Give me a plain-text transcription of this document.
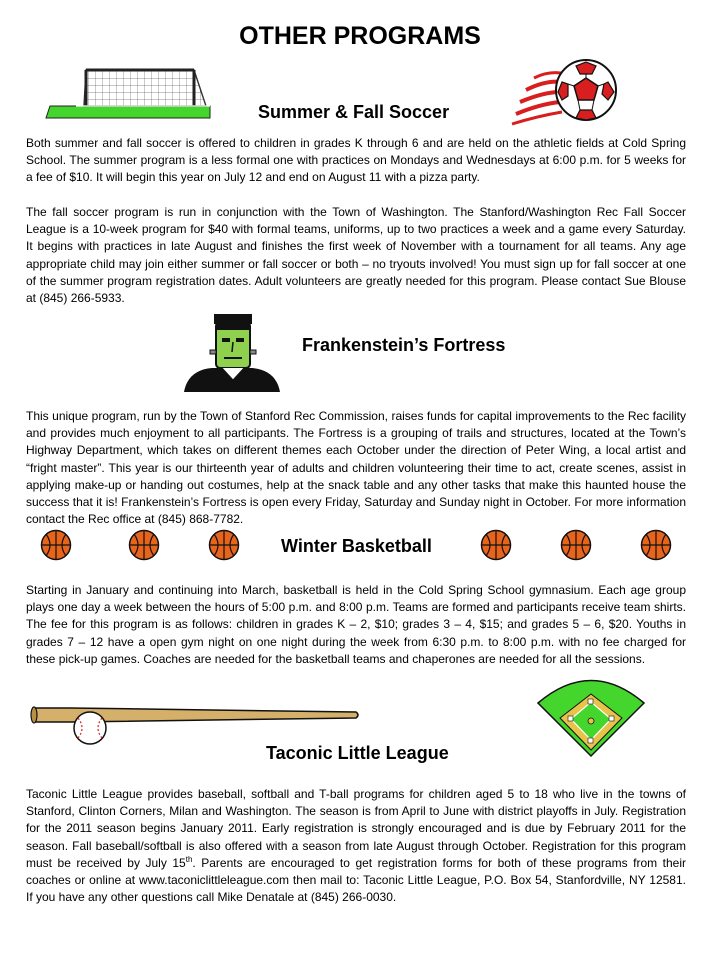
OTHER PROGRAMS
Summer & Fall Soccer

Both summer and fall soccer is offered to children in grades K through 6 and are held on the athletic fields at Cold Spring School. The summer program is a less formal one with practices on Mondays and Wednesdays at 6:00 p.m. for 5 weeks for a fee of $10. It will begin this year on July 12 and end on August 11 with a pizza party.

The fall soccer program is run in conjunction with the Town of Washington. The Stanford/Washington Rec Fall Soccer League is a 10-week program for $40 with formal teams, uniforms, up to two practices a week and a game every Saturday. It begins with practices in late August and finishes the first week of November with a tournament for all teams. Any age appropriate child may join either summer or fall soccer or both – no tryouts involved! You must sign up for fall soccer at one of the summer program registration dates. Adult volunteers are greatly needed for this program. Please contact Sue Blouse at (845) 266-5933.

Frankenstein’s Fortress

This unique program, run by the Town of Stanford Rec Commission, raises funds for capital improvements to the Rec facility and provides much enjoyment to all participants. The Fortress is a grouping of trails and structures, located at the Town’s Highway Department, which takes on different themes each October under the direction of Peter Wing, a local artist and “fright master”. This year is our thirteenth year of adults and children volunteering their time to act, create scenes, assist in applying make-up or handing out costumes, help at the snack table and any other tasks that make this haunted house the success that it is! Frankenstein’s Fortress is open every Friday, Saturday and Sunday night in October. For more information contact the Rec office at (845) 868-7782.

Winter Basketball

Starting in January and continuing into March, basketball is held in the Cold Spring School gymnasium. Each age group plays one day a week between the hours of 5:00 p.m. and 8:00 p.m. Teams are formed and participants receive team shirts. The fee for this program is as follows: children in grades K – 2, $10; grades 3 – 4, $15; and grades 5 – 6, $20. Youths in grades 7 – 12 have a open gym night on one night during the week from 6:30 p.m. to 8:00 p.m. with no fee charged for these pick-up games. Coaches are needed for the basketball teams and chaperones are needed for all the sessions.

Taconic Little League

Taconic Little League provides baseball, softball and T-ball programs for children aged 5 to 18 who live in the towns of Stanford, Clinton Corners, Milan and Washington. The season is from April to June with district playoffs in July. Registration for the 2011 season begins January 2011. Early registration is strongly encouraged and is due by February 2011 for the season. Fall baseball/softball is also offered with a season from late August through October. Registration for this program must be received by July 15th. Parents are encouraged to get registration forms for both of these programs from their coaches or online at www.taconiclittleleague.com then mail to: Taconic Little League, P.O. Box 54, Stanfordville, NY 12581. If you have any other questions call Mike Denatale at (845) 266-0030.
